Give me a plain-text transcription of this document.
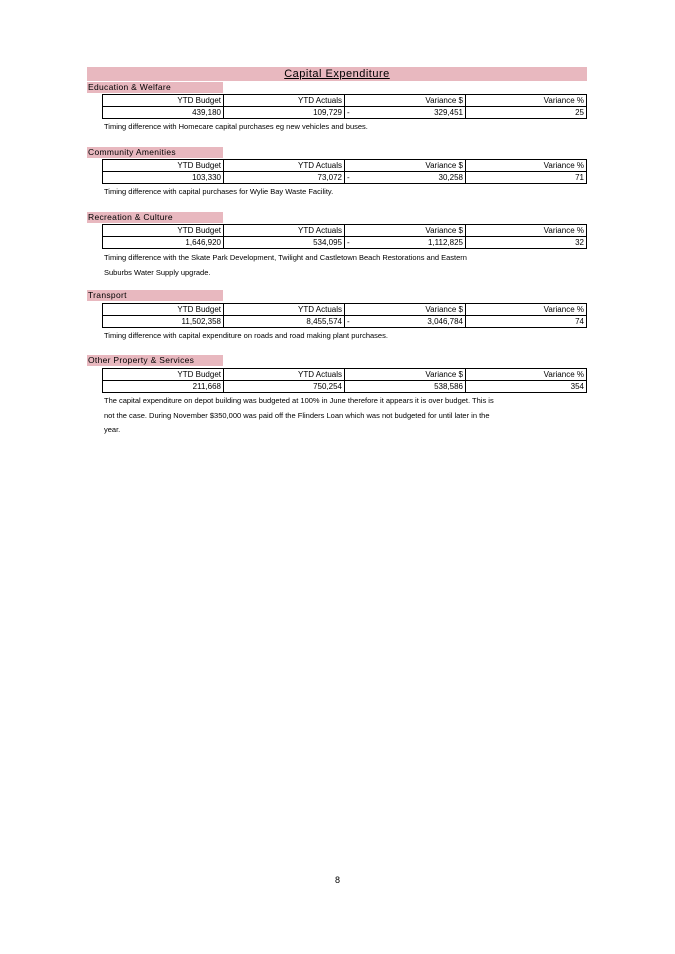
Capital Expenditure
Education & Welfare
YTD Budget	YTD Actuals	Variance $	Variance %
439,180	109,729	- 329,451	25
Timing difference with Homecare capital purchases eg new vehicles and buses.
Community Amenities
YTD Budget	YTD Actuals	Variance $	Variance %
103,330	73,072	- 30,258	71
Timing difference with capital purchases for Wylie Bay Waste Facility.
Recreation & Culture
YTD Budget	YTD Actuals	Variance $	Variance %
1,646,920	534,095	- 1,112,825	32
Timing difference with the Skate Park Development, Twilight and Castletown Beach Restorations and Eastern
Suburbs Water Supply upgrade.
Transport
YTD Budget	YTD Actuals	Variance $	Variance %
11,502,358	8,455,574	- 3,046,784	74
Timing difference with capital expenditure on roads and road making plant purchases.
Other Property & Services
YTD Budget	YTD Actuals	Variance $	Variance %
211,668	750,254	538,586	354
The capital expenditure on depot building was budgeted at 100% in June therefore it appears it is over budget. This is
not the case. During November $350,000 was paid off the Flinders Loan which was not budgeted for until later in the
year.
8
